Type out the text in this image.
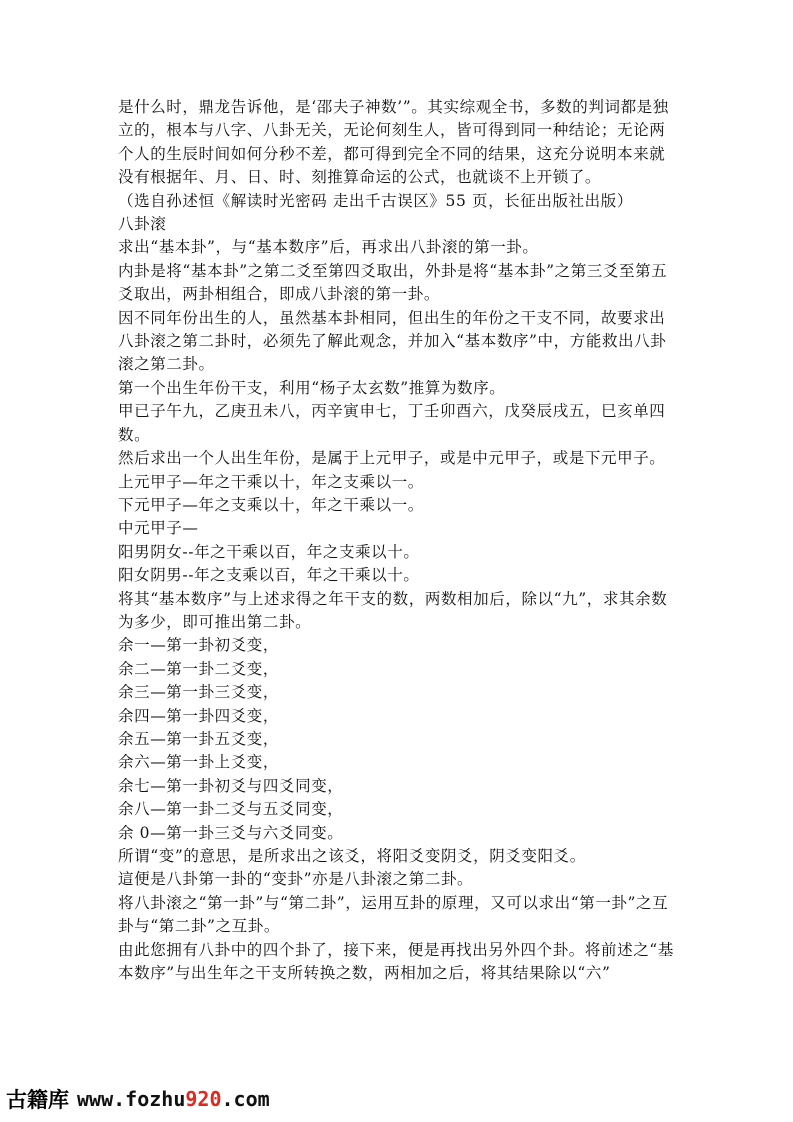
是什么时，鼎龙告诉他，是‘邵夫子神数’”。其实综观全书，多数的判词都是独立的，根本与八字、八卦无关，无论何刻生人，皆可得到同一种结论；无论两个人的生辰时间如何分秒不差，都可得到完全不同的结果，这充分说明本来就没有根据年、月、日、时、刻推算命运的公式，也就谈不上开锁了。

（选自孙述恒《解读时光密码 走出千古误区》55 页，长征出版社出版）

八卦滚

求出“基本卦”，与“基本数序”后，再求出八卦滚的第一卦。

内卦是将“基本卦”之第二爻至第四爻取出，外卦是将“基本卦”之第三爻至第五爻取出，两卦相组合，即成八卦滚的第一卦。

因不同年份出生的人，虽然基本卦相同，但出生的年份之干支不同，故要求出八卦滚之第二卦时，必须先了解此观念，并加入“基本数序”中，方能救出八卦滚之第二卦。

第一个出生年份干支，利用“杨子太玄数”推算为数序。

甲已子午九，乙庚丑未八，丙辛寅申七，丁壬卯酉六，戊癸辰戌五，巳亥单四数。

然后求出一个人出生年份，是属于上元甲子，或是中元甲子，或是下元甲子。

上元甲子—年之干乘以十，年之支乘以一。

下元甲子—年之支乘以十，年之干乘以一。

中元甲子—

阳男阴女--年之干乘以百，年之支乘以十。

阳女阴男--年之支乘以百，年之干乘以十。

将其“基本数序”与上述求得之年干支的数，两数相加后，除以“九”，求其余数为多少，即可推出第二卦。

余一—第一卦初爻变，

余二—第一卦二爻变，

余三—第一卦三爻变，

余四—第一卦四爻变，

余五—第一卦五爻变，

余六—第一卦上爻变，

余七—第一卦初爻与四爻同变，

余八—第一卦二爻与五爻同变，

余 0—第一卦三爻与六爻同变。

所谓“变”的意思，是所求出之该爻，将阳爻变阴爻，阴爻变阳爻。

這便是八卦第一卦的“变卦”亦是八卦滚之第二卦。

将八卦滚之“第一卦”与“第二卦”，运用互卦的原理，又可以求出“第一卦”之互卦与“第二卦”之互卦。

由此您拥有八卦中的四个卦了，接下来，便是再找出另外四个卦。将前述之“基本数序”与出生年之干支所转换之数，两相加之后，将其结果除以“六”

古籍库 www.fozhu 920 .com
